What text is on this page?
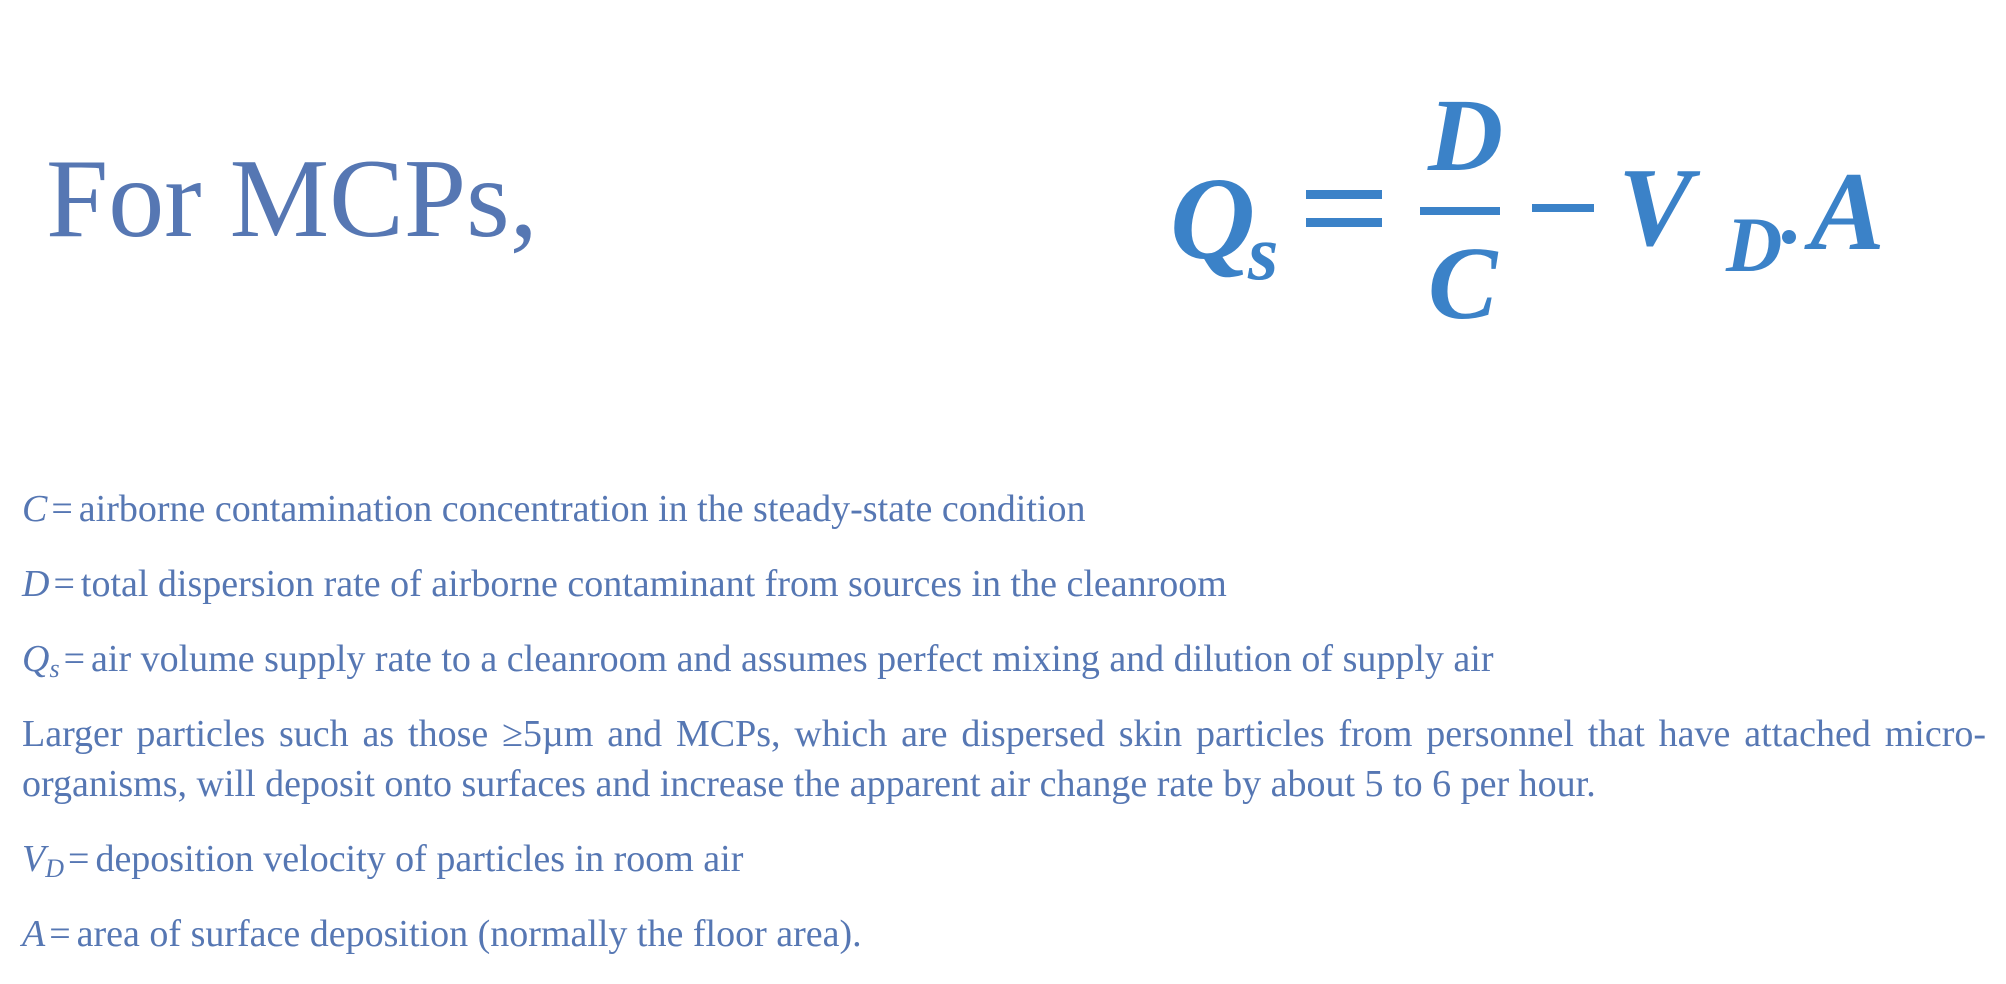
For MCPs,	Q
s
D
C
V D A
C = airborne contamination concentration in the steady-state condition
D = total dispersion rate of airborne contaminant from sources in the cleanroom
$Q_s$ = air volume supply rate to a cleanroom and assumes perfect mixing and dilution of supply air
Larger particles such as those ≥5µm and MCPs, which are dispersed skin particles from personnel that have attached micro-organisms, will deposit onto surfaces and increase the apparent air change rate by about 5 to 6 per hour.
$V_D$ = deposition velocity of particles in room air
A = area of surface deposition (normally the floor area).
